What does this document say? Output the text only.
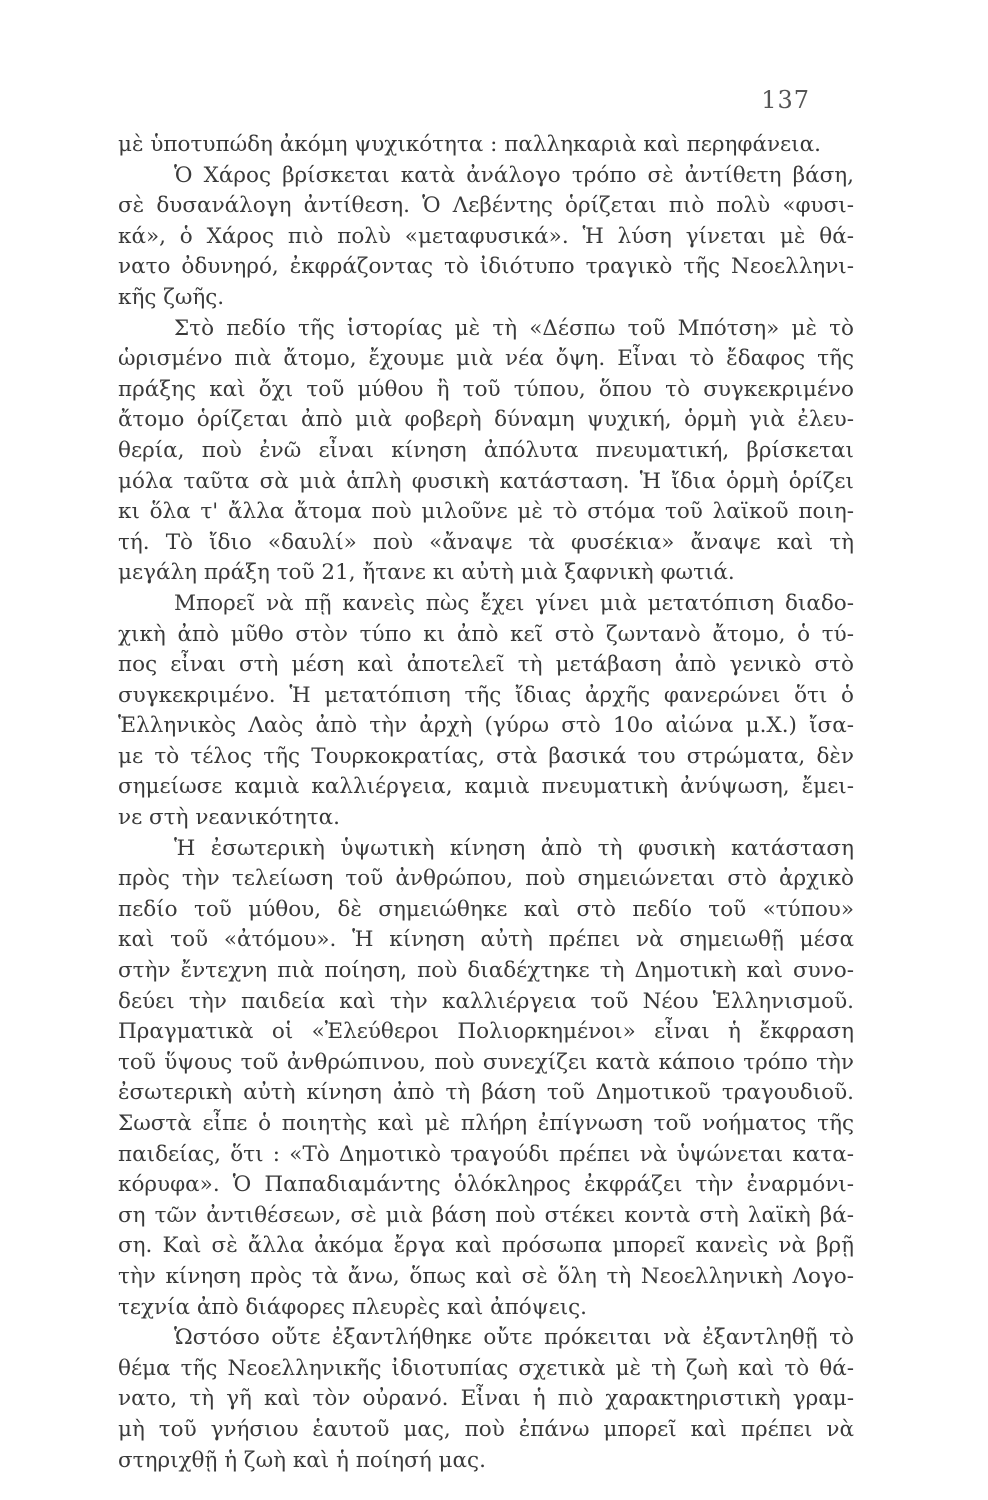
137
μὲ ὑποτυπώδη ἀκόμη ψυχικότητα : παλληκαριὰ καὶ περηφάνεια.
Ὁ Χάρος βρίσκεται κατὰ ἀνάλογο τρόπο σὲ ἀντίθετη βάση,
σὲ δυσανάλογη ἀντίθεση. Ὁ Λεβέντης ὁρίζεται πιὸ πολὺ «φυσι-
κά», ὁ Χάρος πιὸ πολὺ «μεταφυσικά». Ἡ λύση γίνεται μὲ θά-
νατο ὀδυνηρό, ἐκφράζοντας τὸ ἰδιότυπο τραγικὸ τῆς Νεοελληνι-
κῆς ζωῆς.
Στὸ πεδίο τῆς ἱστορίας μὲ τὴ «Δέσπω τοῦ Μπότση» μὲ τὸ
ὡρισμένο πιὰ ἄτομο, ἔχουμε μιὰ νέα ὄψη. Εἶναι τὸ ἔδαφος τῆς
πράξης καὶ ὄχι τοῦ μύθου ἢ τοῦ τύπου, ὅπου τὸ συγκεκριμένο
ἄτομο ὁρίζεται ἀπὸ μιὰ φοβερὴ δύναμη ψυχική, ὁρμὴ γιὰ ἐλευ-
θερία, ποὺ ἐνῶ εἶναι κίνηση ἀπόλυτα πνευματική, βρίσκεται
μόλα ταῦτα σὰ μιὰ ἁπλὴ φυσικὴ κατάσταση. Ἡ ἴδια ὁρμὴ ὁρίζει
κι ὅλα τ' ἄλλα ἄτομα ποὺ μιλοῦνε μὲ τὸ στόμα τοῦ λαϊκοῦ ποιη-
τή. Τὸ ἴδιο «δαυλί» ποὺ «ἄναψε τὰ φυσέκια» ἄναψε καὶ τὴ
μεγάλη πράξη τοῦ 21, ἤτανε κι αὐτὴ μιὰ ξαφνικὴ φωτιά.
Μπορεῖ νὰ πῇ κανεὶς πὼς ἔχει γίνει μιὰ μετατόπιση διαδο-
χικὴ ἀπὸ μῦθο στὸν τύπο κι ἀπὸ κεῖ στὸ ζωντανὸ ἄτομο, ὁ τύ-
πος εἶναι στὴ μέση καὶ ἀποτελεῖ τὴ μετάβαση ἀπὸ γενικὸ στὸ
συγκεκριμένο. Ἡ μετατόπιση τῆς ἴδιας ἀρχῆς φανερώνει ὅτι ὁ
Ἑλληνικὸς Λαὸς ἀπὸ τὴν ἀρχὴ (γύρω στὸ 10ο αἰώνα μ.Χ.) ἴσα-
με τὸ τέλος τῆς Τουρκοκρατίας, στὰ βασικά του στρώματα, δὲν
σημείωσε καμιὰ καλλιέργεια, καμιὰ πνευματικὴ ἀνύψωση, ἔμει-
νε στὴ νεανικότητα.
Ἡ ἐσωτερικὴ ὑψωτικὴ κίνηση ἀπὸ τὴ φυσικὴ κατάσταση
πρὸς τὴν τελείωση τοῦ ἀνθρώπου, ποὺ σημειώνεται στὸ ἀρχικὸ
πεδίο τοῦ μύθου, δὲ σημειώθηκε καὶ στὸ πεδίο τοῦ «τύπου»
καὶ τοῦ «ἀτόμου». Ἡ κίνηση αὐτὴ πρέπει νὰ σημειωθῇ μέσα
στὴν ἔντεχνη πιὰ ποίηση, ποὺ διαδέχτηκε τὴ Δημοτικὴ καὶ συνο-
δεύει τὴν παιδεία καὶ τὴν καλλιέργεια τοῦ Νέου Ἑλληνισμοῦ.
Πραγματικὰ οἱ «Ἐλεύθεροι Πολιορκημένοι» εἶναι ἡ ἔκφραση
τοῦ ὕψους τοῦ ἀνθρώπινου, ποὺ συνεχίζει κατὰ κάποιο τρόπο τὴν
ἐσωτερικὴ αὐτὴ κίνηση ἀπὸ τὴ βάση τοῦ Δημοτικοῦ τραγουδιοῦ.
Σωστὰ εἶπε ὁ ποιητὴς καὶ μὲ πλήρη ἐπίγνωση τοῦ νοήματος τῆς
παιδείας, ὅτι : «Τὸ Δημοτικὸ τραγούδι πρέπει νὰ ὑψώνεται κατα-
κόρυφα». Ὁ Παπαδιαμάντης ὁλόκληρος ἐκφράζει τὴν ἐναρμόνι-
ση τῶν ἀντιθέσεων, σὲ μιὰ βάση ποὺ στέκει κοντὰ στὴ λαϊκὴ βά-
ση. Καὶ σὲ ἄλλα ἀκόμα ἔργα καὶ πρόσωπα μπορεῖ κανεὶς νὰ βρῇ
τὴν κίνηση πρὸς τὰ ἄνω, ὅπως καὶ σὲ ὅλη τὴ Νεοελληνικὴ Λογο-
τεχνία ἀπὸ διάφορες πλευρὲς καὶ ἀπόψεις.
Ὡστόσο οὔτε ἐξαντλήθηκε οὔτε πρόκειται νὰ ἐξαντληθῇ τὸ
θέμα τῆς Νεοελληνικῆς ἰδιοτυπίας σχετικὰ μὲ τὴ ζωὴ καὶ τὸ θά-
νατο, τὴ γῆ καὶ τὸν οὐρανό. Εἶναι ἡ πιὸ χαρακτηριστικὴ γραμ-
μὴ τοῦ γνήσιου ἑαυτοῦ μας, ποὺ ἐπάνω μπορεῖ καὶ πρέπει νὰ
στηριχθῇ ἡ ζωὴ καὶ ἡ ποίησή μας.
